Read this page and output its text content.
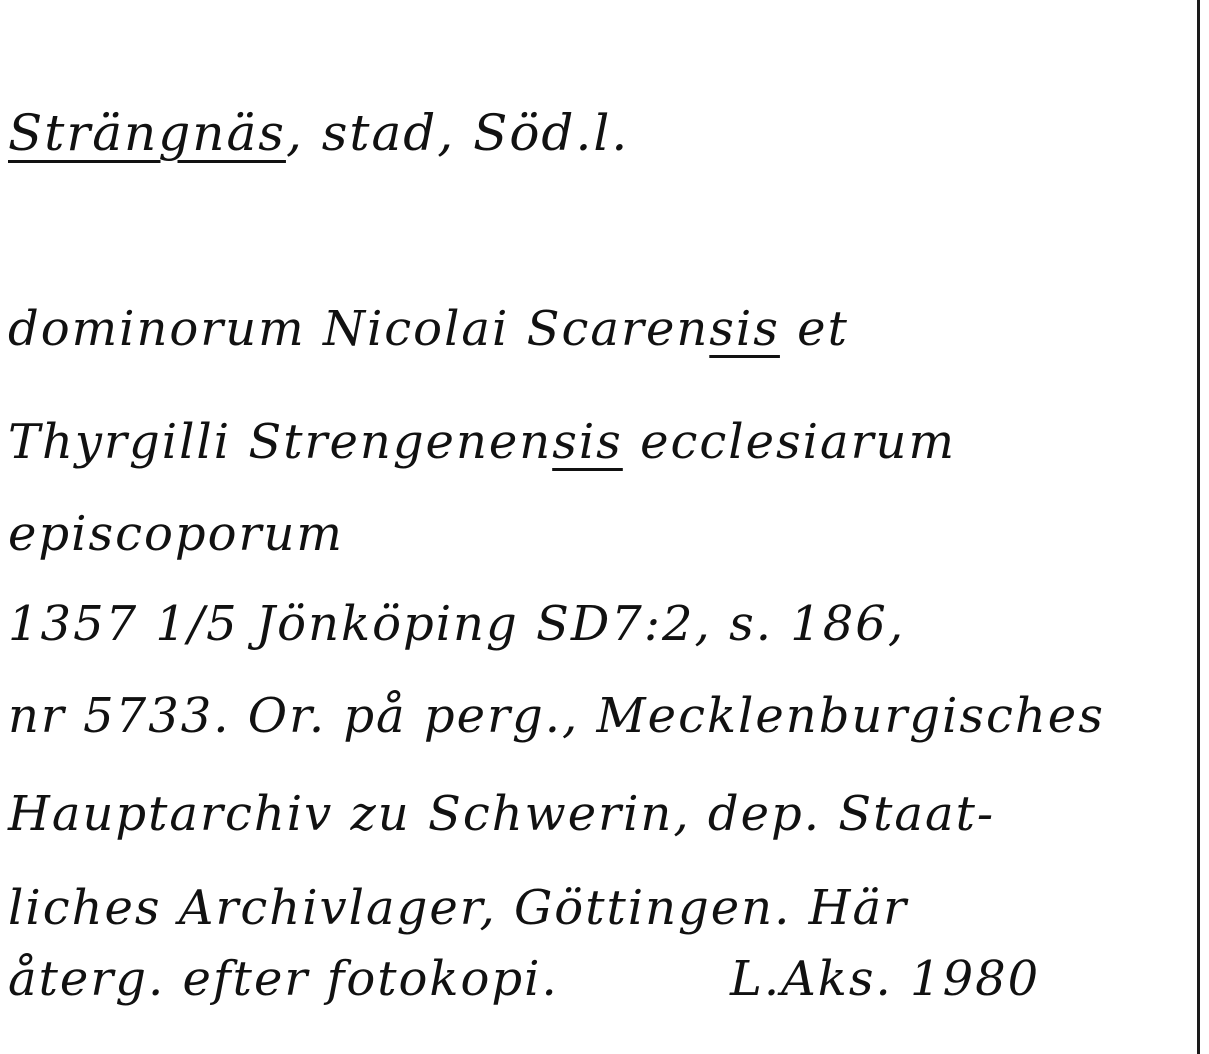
Strängnäs, stad, Söd.l.
dominorum Nicolai Scarensis et
Thyrgilli Strengenensis ecclesiarum
episcoporum
1357 1/5 Jönköping SD7:2, s. 186,
nr 5733. Or. på perg., Mecklenburgisches
Hauptarchiv zu Schwerin, dep. Staat-
liches Archivlager, Göttingen. Här
återg. efter fotokopi.	L.Aks. 1980
